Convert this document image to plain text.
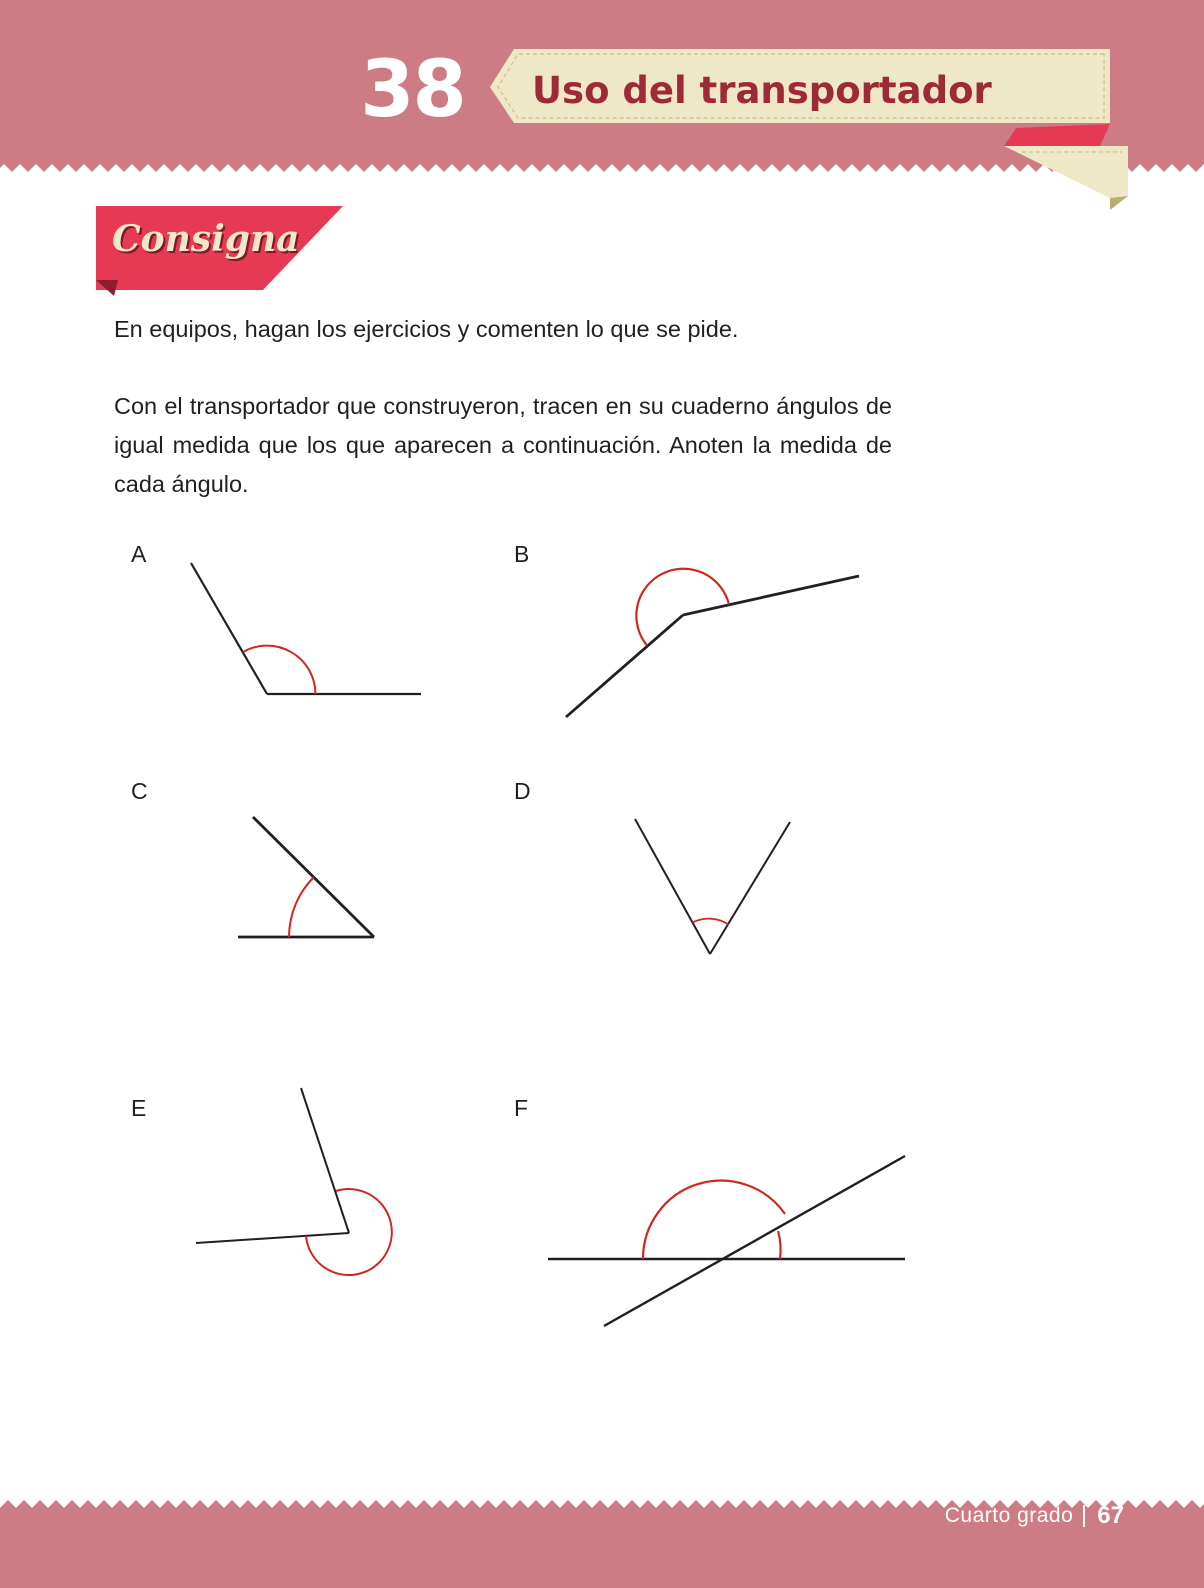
38 Uso del transportador
Consigna

En equipos, hagan los ejercicios y comenten lo que se pide.

Con el transportador que construyeron, tracen en su cuaderno ángulos de igual medida que los que aparecen a continuación. Anoten la medida de cada ángulo.

A	B
C	D
E	F
Cuarto grado 67
